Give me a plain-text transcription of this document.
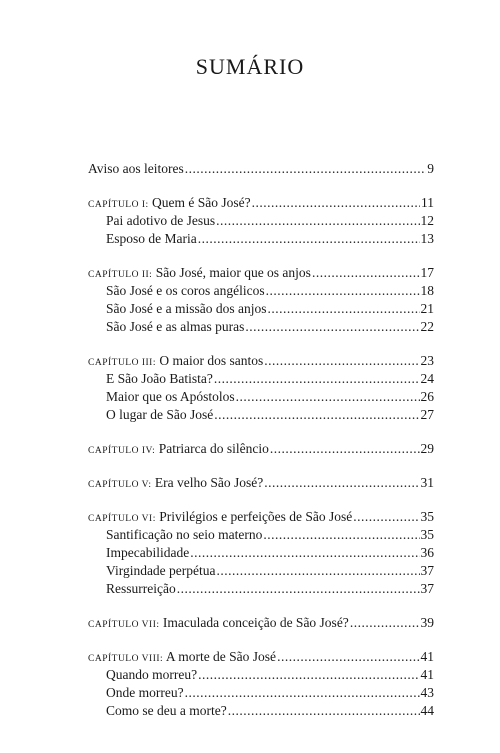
SUMÁRIO
Aviso aos leitores .....	9
CAPÍTULO I: Quem é São José? .....	11
Pai adotivo de Jesus .....	12
Esposo de Maria .....	13
CAPÍTULO II: São José, maior que os anjos .....	17
São José e os coros angélicos .....	18
São José e a missão dos anjos .....	21
São José e as almas puras .....	22
CAPÍTULO III: O maior dos santos .....	23
E São João Batista? .....	24
Maior que os Apóstolos .....	26
O lugar de São José .....	27
CAPÍTULO IV: Patriarca do silêncio .....	29
CAPÍTULO V: Era velho São José? .....	31
CAPÍTULO VI: Privilégios e perfeições de São José .....	35
Santificação no seio materno .....	35
Impecabilidade .....	36
Virgindade perpétua .....	37
Ressurreição .....	37
CAPÍTULO VII: Imaculada conceição de São José? .....	39
CAPÍTULO VIII: A morte de São José .....	41
Quando morreu? .....	41
Onde morreu? .....	43
Como se deu a morte? .....	44
